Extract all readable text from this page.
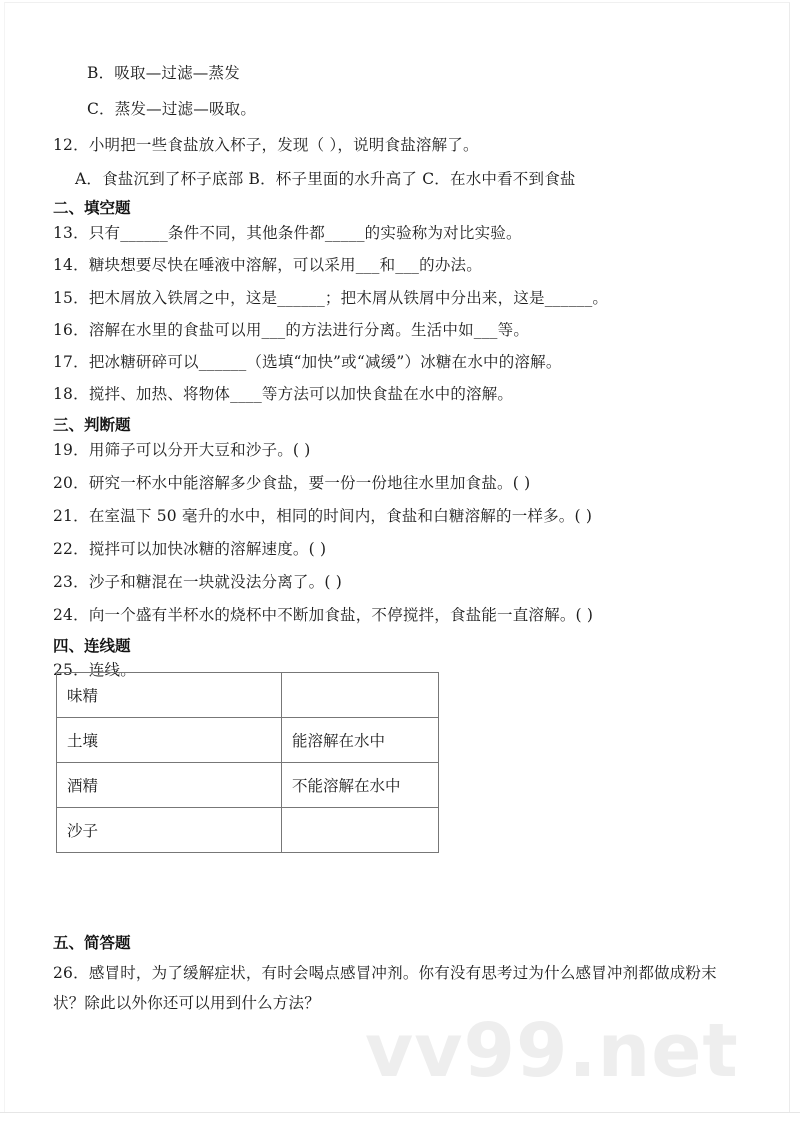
vv99.net
B．吸取—过滤—蒸发
C．蒸发—过滤—吸取。
12．小明把一些食盐放入杯子，发现（ ），说明食盐溶解了。
A．食盐沉到了杯子底部 B．杯子里面的水升高了 C．在水中看不到食盐
二、填空题
13．只有______条件不同，其他条件都_____的实验称为对比实验。
14．糖块想要尽快在唾液中溶解，可以采用___和___的办法。
15．把木屑放入铁屑之中，这是______；把木屑从铁屑中分出来，这是______。
16．溶解在水里的食盐可以用___的方法进行分离。生活中如___等。
17．把冰糖研碎可以______（选填“加快”或“减缓”）冰糖在水中的溶解。
18．搅拌、加热、将物体____等方法可以加快食盐在水中的溶解。
三、判断题
19．用筛子可以分开大豆和沙子。( )
20．研究一杯水中能溶解多少食盐，要一份一份地往水里加食盐。( )
21．在室温下 50 毫升的水中，相同的时间内，食盐和白糖溶解的一样多。( )
22．搅拌可以加快冰糖的溶解速度。( )
23．沙子和糖混在一块就没法分离了。( )
24．向一个盛有半杯水的烧杯中不断加食盐，不停搅拌，食盐能一直溶解。( )
四、连线题
25．连线。
味精	
土壤	能溶解在水中
酒精	不能溶解在水中
沙子	
五、简答题
26．感冒时，为了缓解症状，有时会喝点感冒冲剂。你有没有思考过为什么感冒冲剂都做成粉末状？除此以外你还可以用到什么方法？
